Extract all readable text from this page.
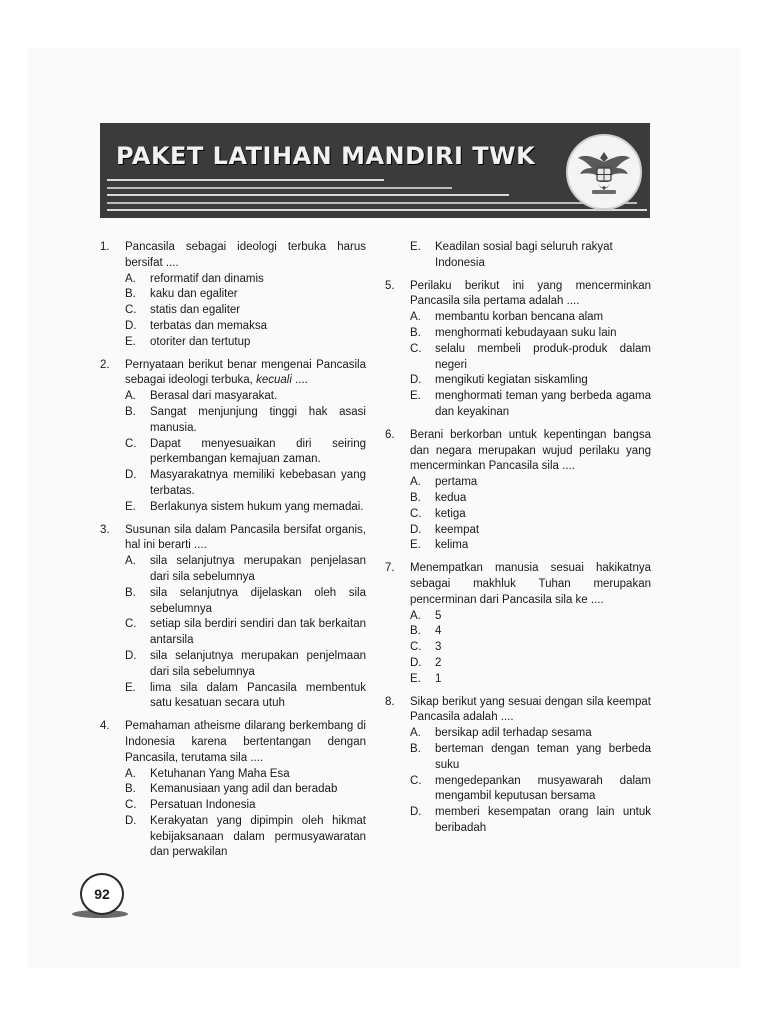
PAKET LATIHAN MANDIRI TWK
1. Pancasila sebagai ideologi terbuka harus bersifat ....
A. reformatif dan dinamis
B. kaku dan egaliter
C. statis dan egaliter
D. terbatas dan memaksa
E. otoriter dan tertutup
2. Pernyataan berikut benar mengenai Pancasila sebagai ideologi terbuka, kecuali ....
A. Berasal dari masyarakat.
B. Sangat menjunjung tinggi hak asasi manusia.
C. Dapat menyesuaikan diri seiring perkembangan kemajuan zaman.
D. Masyarakatnya memiliki kebebasan yang terbatas.
E. Berlakunya sistem hukum yang memadai.
3. Susunan sila dalam Pancasila bersifat organis, hal ini berarti ....
A. sila selanjutnya merupakan penjelasan dari sila sebelumnya
B. sila selanjutnya dijelaskan oleh sila sebelumnya
C. setiap sila berdiri sendiri dan tak berkaitan antarsila
D. sila selanjutnya merupakan penjelmaan dari sila sebelumnya
E. lima sila dalam Pancasila membentuk satu kesatuan secara utuh
4. Pemahaman atheisme dilarang berkembang di Indonesia karena bertentangan dengan Pancasila, terutama sila ....
A. Ketuhanan Yang Maha Esa
B. Kemanusiaan yang adil dan beradab
C. Persatuan Indonesia
D. Kerakyatan yang dipimpin oleh hikmat kebijaksanaan dalam permusyawaratan dan perwakilan
E. Keadilan sosial bagi seluruh rakyat Indonesia
5. Perilaku berikut ini yang mencerminkan Pancasila sila pertama adalah ....
A. membantu korban bencana alam
B. menghormati kebudayaan suku lain
C. selalu membeli produk-produk dalam negeri
D. mengikuti kegiatan siskamling
E. menghormati teman yang berbeda agama dan keyakinan
6. Berani berkorban untuk kepentingan bangsa dan negara merupakan wujud perilaku yang mencerminkan Pancasila sila ....
A. pertama
B. kedua
C. ketiga
D. keempat
E. kelima
7. Menempatkan manusia sesuai hakikatnya sebagai makhluk Tuhan merupakan pencerminan dari Pancasila sila ke ....
A. 5
B. 4
C. 3
D. 2
E. 1
8. Sikap berikut yang sesuai dengan sila keempat Pancasila adalah ....
A. bersikap adil terhadap sesama
B. berteman dengan teman yang berbeda suku
C. mengedepankan musyawarah dalam mengambil keputusan bersama
D. memberi kesempatan orang lain untuk beribadah
92
